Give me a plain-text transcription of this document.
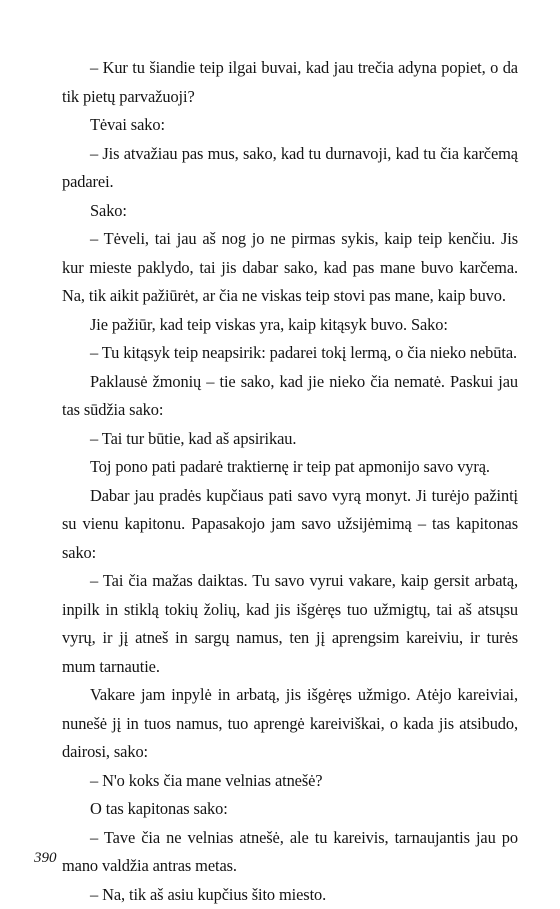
– Kur tu šiandie teip ilgai buvai, kad jau trečia adyna popiet, o da tik pietų parvažuoji?

Tėvai sako:

– Jis atvažiau pas mus, sako, kad tu durnavoji, kad tu čia karčemą padarei.

Sako:

– Tėveli, tai jau aš nog jo ne pirmas sykis, kaip teip kenčiu. Jis kur mieste paklydo, tai jis dabar sako, kad pas mane buvo karčema. Na, tik aikit pažiūrėt, ar čia ne viskas teip stovi pas mane, kaip buvo.

Jie pažiūr, kad teip viskas yra, kaip kitąsyk buvo. Sako:

– Tu kitąsyk teip neapsirik: padarei tokį lermą, o čia nieko nebūta.

Paklausė žmonių – tie sako, kad jie nieko čia nematė. Paskui jau tas sūdžia sako:

– Tai tur būtie, kad aš apsirikau.

Toj pono pati padarė traktiernę ir teip pat apmonijo savo vyrą.

Dabar jau pradės kupčiaus pati savo vyrą monyt. Ji turėjo pažintį su vienu kapitonu. Papasakojo jam savo užsijėmimą – tas kapitonas sako:

– Tai čia mažas daiktas. Tu savo vyrui vakare, kaip gersit arbatą, inpilk in stiklą tokių žolių, kad jis išgėręs tuo užmigtų, tai aš atsųsu vyrų, ir jį atneš in sargų namus, ten jį aprengsim kareiviu, ir turės mum tarnautie.

Vakare jam inpylė in arbatą, jis išgėręs užmigo. Atėjo kareiviai, nunešė jį in tuos namus, tuo aprengė kareiviškai, o kada jis atsibudo, dairosi, sako:

– N'o koks čia mane velnias atnešė?

O tas kapitonas sako:

– Tave čia ne velnias atnešė, ale tu kareivis, tarnaujantis jau po mano valdžia antras metas.

– Na, tik aš asiu kupčius šito miesto.

390
